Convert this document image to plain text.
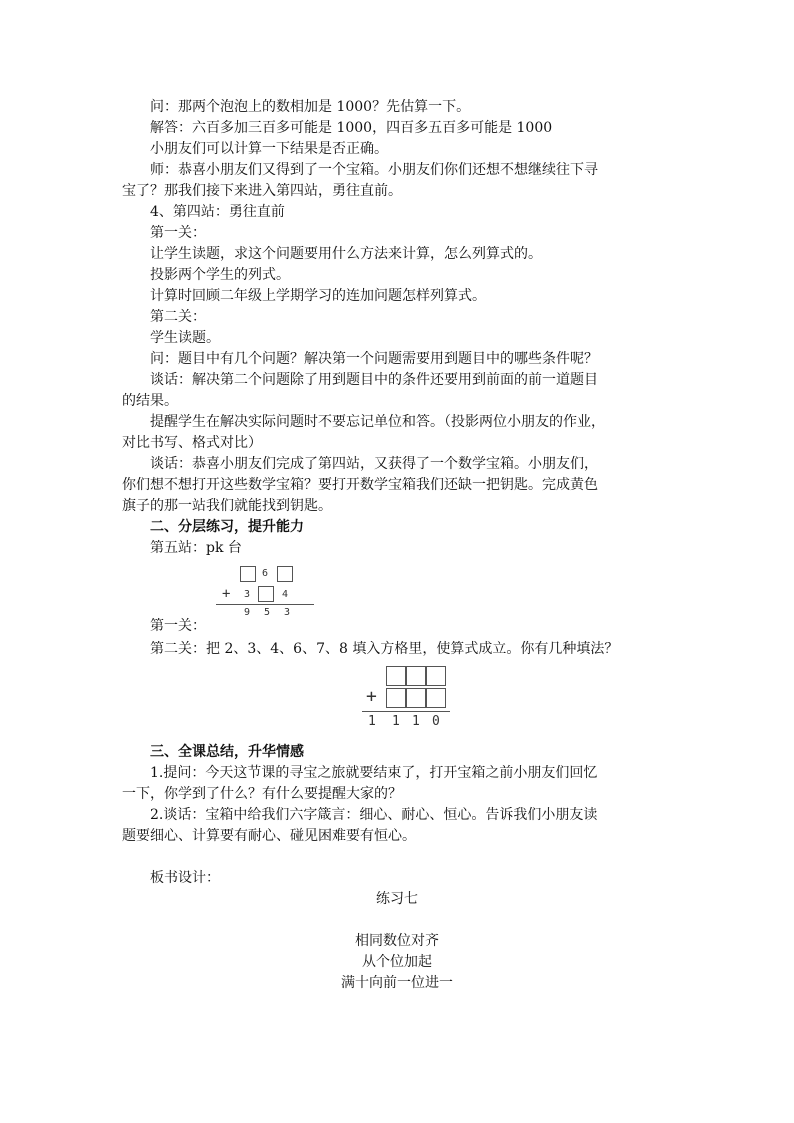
问：那两个泡泡上的数相加是 1000？先估算一下。
解答：六百多加三百多可能是 1000，四百多五百多可能是 1000
小朋友们可以计算一下结果是否正确。
师：恭喜小朋友们又得到了一个宝箱。小朋友们你们还想不想继续往下寻
宝了？那我们接下来进入第四站，勇往直前。
4、第四站：勇往直前
第一关：
让学生读题，求这个问题要用什么方法来计算，怎么列算式的。
投影两个学生的列式。
计算时回顾二年级上学期学习的连加问题怎样列算式。
第二关：
学生读题。
问：题目中有几个问题？解决第一个问题需要用到题目中的哪些条件呢？
谈话：解决第二个问题除了用到题目中的条件还要用到前面的前一道题目
的结果。
提醒学生在解决实际问题时不要忘记单位和答。（投影两位小朋友的作业，
对比书写、格式对比）
谈话：恭喜小朋友们完成了第四站，又获得了一个数学宝箱。小朋友们，
你们想不想打开这些数学宝箱？要打开数学宝箱我们还缺一把钥匙。完成黄色
旗子的那一站我们就能找到钥匙。
二、分层练习，提升能力
第五站：pk 台
6
+ 3	4
9 5 3
第一关：
第二关：把 2、3、4、6、7、8 填入方格里，使算式成立。你有几种填法？
+
1 1 1 0
三、全课总结，升华情感
1.提问：今天这节课的寻宝之旅就要结束了，打开宝箱之前小朋友们回忆
一下，你学到了什么？有什么要提醒大家的？
2.谈话：宝箱中给我们六字箴言：细心、耐心、恒心。告诉我们小朋友读
题要细心、计算要有耐心、碰见困难要有恒心。
板书设计：
练习七
相同数位对齐
从个位加起
满十向前一位进一
